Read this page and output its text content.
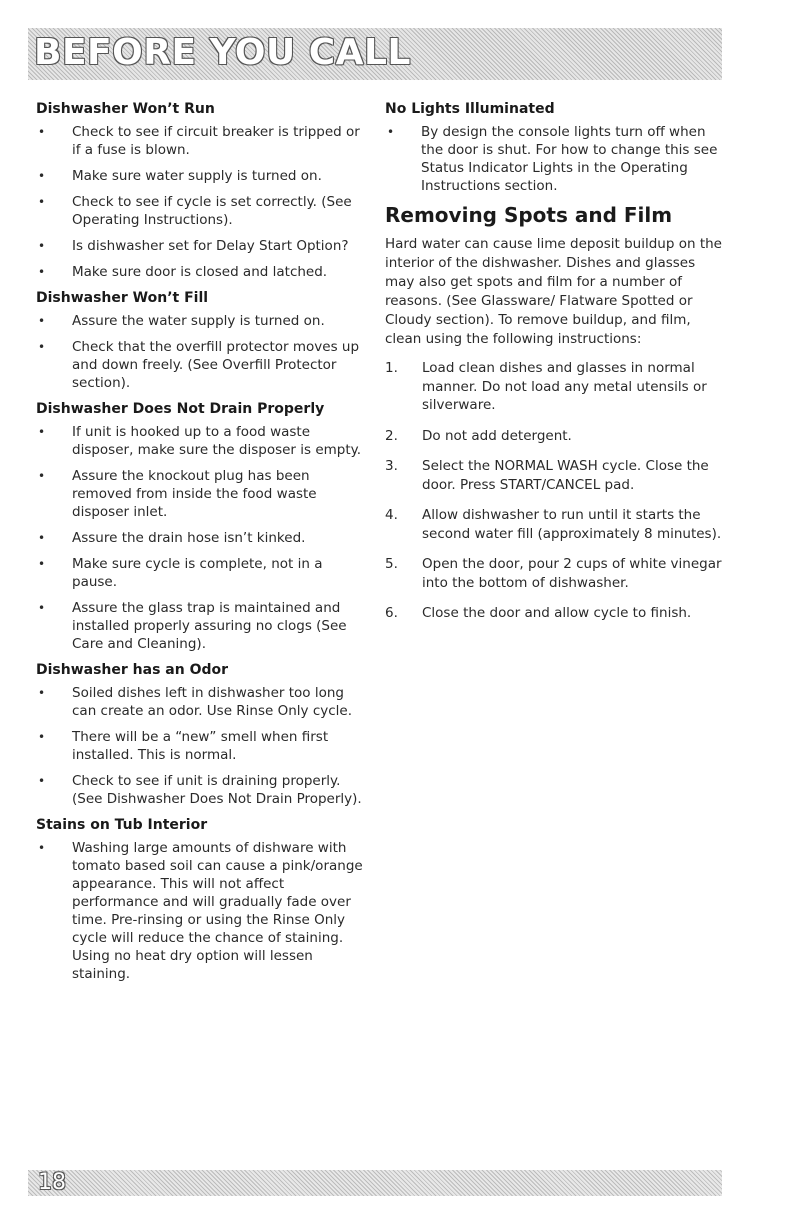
BEFORE YOU CALL
Dishwasher Won’t Run
• Check to see if circuit breaker is tripped or if a fuse is blown.
• Make sure water supply is turned on.
• Check to see if cycle is set correctly. (See Operating Instructions).
• Is dishwasher set for Delay Start Option?
• Make sure door is closed and latched.
Dishwasher Won’t Fill
• Assure the water supply is turned on.
• Check that the overfill protector moves up and down freely. (See Overfill Protector section).
Dishwasher Does Not Drain Properly
• If unit is hooked up to a food waste disposer, make sure the disposer is empty.
• Assure the knockout plug has been removed from inside the food waste disposer inlet.
• Assure the drain hose isn’t kinked.
• Make sure cycle is complete, not in a pause.
• Assure the glass trap is maintained and installed properly assuring no clogs (See Care and Cleaning).
Dishwasher has an Odor
• Soiled dishes left in dishwasher too long can create an odor. Use Rinse Only cycle.
• There will be a “new” smell when first installed. This is normal.
• Check to see if unit is draining properly. (See Dishwasher Does Not Drain Properly).
Stains on Tub Interior
• Washing large amounts of dishware with tomato based soil can cause a pink/orange appearance. This will not affect performance and will gradually fade over time. Pre-rinsing or using the Rinse Only cycle will reduce the chance of staining. Using no heat dry option will lessen staining.
No Lights Illuminated
• By design the console lights turn off when the door is shut. For how to change this see Status Indicator Lights in the Operating Instructions section.
Removing Spots and Film

Hard water can cause lime deposit buildup on the interior of the dishwasher. Dishes and glasses may also get spots and film for a number of reasons. (See Glassware/ Flatware Spotted or Cloudy section). To remove buildup, and film, clean using the following instructions:

1. Load clean dishes and glasses in normal manner. Do not load any metal utensils or silverware.
2. Do not add detergent.
3. Select the NORMAL WASH cycle. Close the door. Press START/CANCEL pad.
4. Allow dishwasher to run until it starts the second water fill (approximately 8 minutes).
5. Open the door, pour 2 cups of white vinegar into the bottom of dishwasher.
6. Close the door and allow cycle to finish.
18
